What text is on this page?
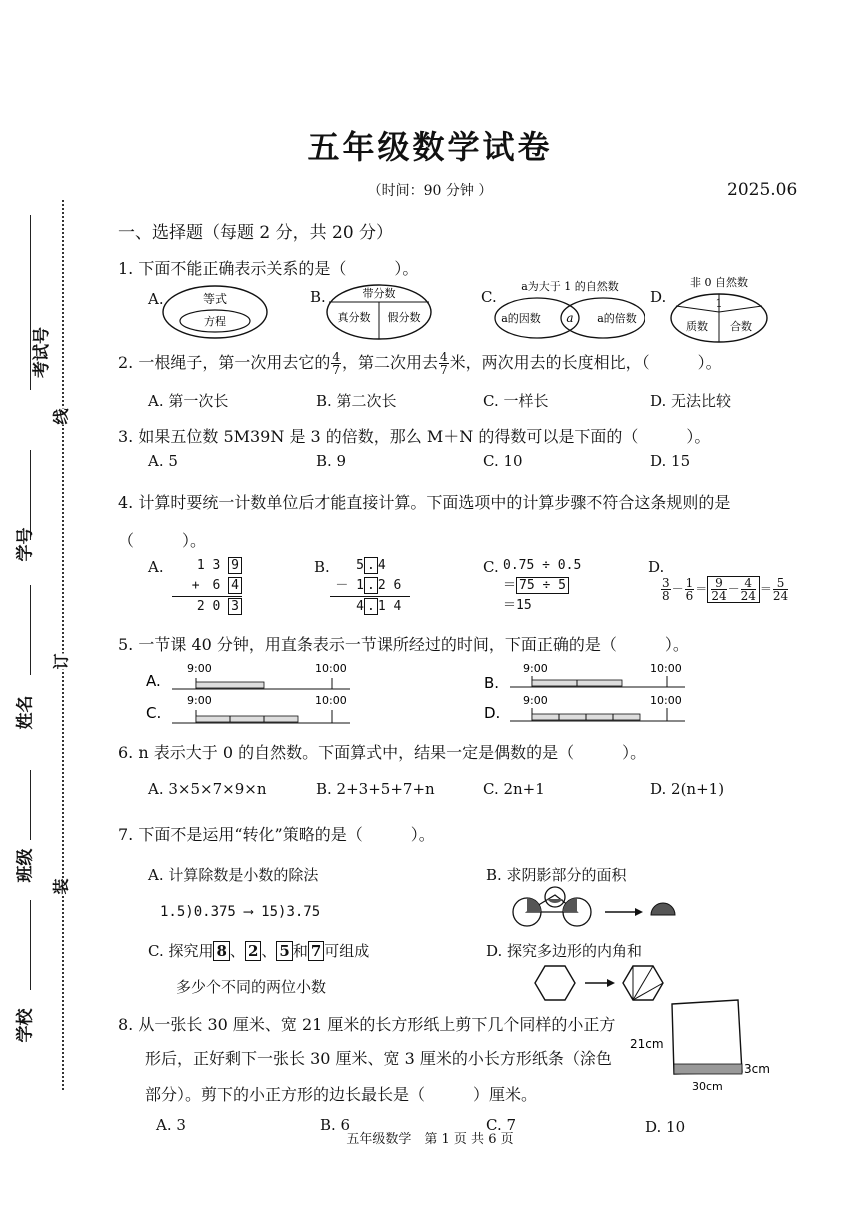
考试号
学号
姓名
班级
学校
线
订
装
五年级数学试卷
（时间：90 分钟 ）	2025.06
一、选择题（每题 2 分，共 20 分）
1. 下面不能正确表示关系的是（　　　）。
A.	等式
方程
B.	带分数
真分数 假分数
C.
a为大于 1 的自然数
a的因数 a a的倍数
D.
非 0 自然数
1
质数 合数
2. 一根绳子，第一次用去它的 $\frac{4}{7}$ ，第二次用去 $\frac{4}{7}$ 米，两次用去的长度相比，（　　　）。
A. 第一次长	B. 第二次长	C. 一样长	D. 无法比较
3. 如果五位数 5M39N 是 3 的倍数，那么 M＋N 的得数可以是下面的（　　　）。
A. 5	B. 9	C. 10	D. 15
4. 计算时要统一计数单位后才能直接计算。下面选项中的计算步骤不符合这条规则的是
（　　　）。
A.	1 3 9
+　6 4
2 0 3
B.	5 . 4
－ 1 . 2 6
4 . 1 4
C. 0.75 ÷ 0.5
＝ 75 ÷ 5
＝15
D.
$\frac{3}{8} - \frac{1}{6} = \frac{9}{24} - \frac{4}{24} = \frac{5}{24}$
5. 一节课 40 分钟，用直条表示一节课所经过的时间，下面正确的是（　　　）。
A.
9:00	10:00
C.
9:00	10:00
B.
9:00	10:00
D.
9:00	10:00
6. n 表示大于 0 的自然数。下面算式中，结果一定是偶数的是（　　　）。
A. 3×5×7×9×n	B. 2+3+5+7+n	C. 2n+1	D. 2(n+1)
7. 下面不是运用“转化”策略的是（　　　）。
A. 计算除数是小数的除法
1.5)0.375 ⟶ 15)3.75
B. 求阴影部分的面积
C. 探究用 8 、 2 、 5 和 7 可组成
多少个不同的两位小数
D. 探究多边形的内角和
8. 从一张长 30 厘米、宽 21 厘米的长方形纸上剪下几个同样的小正方
形后，正好剩下一张长 30 厘米、宽 3 厘米的小长方形纸条（涂色
部分）。剪下的小正方形的边长最长是（　　　）厘米。
21cm
3cm
30cm
A. 3	B. 6	C. 7	D. 10
五年级数学　第 1 页 共 6 页
